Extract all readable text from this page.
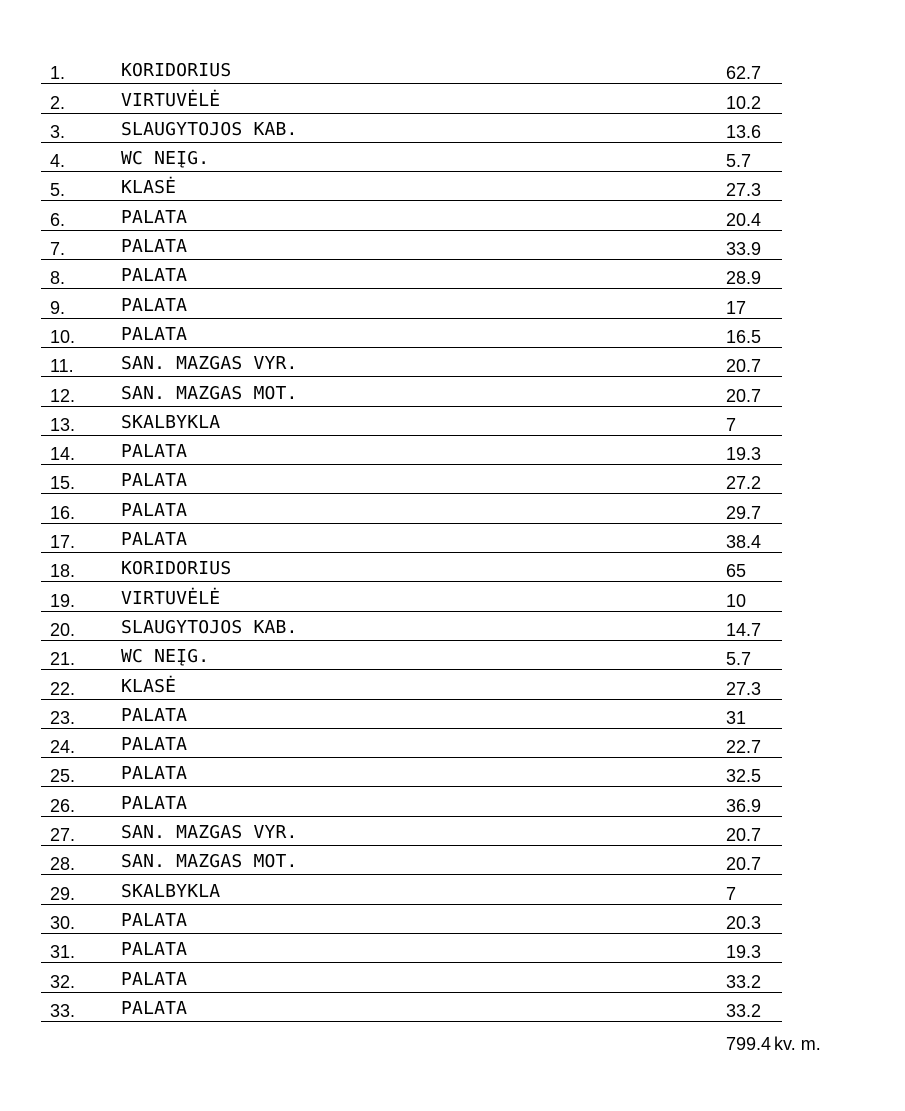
1.	KORIDORIUS	62.7
2.	VIRTUVĖLĖ	10.2
3.	SLAUGYTOJOS KAB.	13.6
4.	WC NEĮG.	5.7
5.	KLASĖ	27.3
6.	PALATA	20.4
7.	PALATA	33.9
8.	PALATA	28.9
9.	PALATA	17
10.	PALATA	16.5
11.	SAN. MAZGAS VYR.	20.7
12.	SAN. MAZGAS MOT.	20.7
13.	SKALBYKLA	7
14.	PALATA	19.3
15.	PALATA	27.2
16.	PALATA	29.7
17.	PALATA	38.4
18.	KORIDORIUS	65
19.	VIRTUVĖLĖ	10
20.	SLAUGYTOJOS KAB.	14.7
21.	WC NEĮG.	5.7
22.	KLASĖ	27.3
23.	PALATA	31
24.	PALATA	22.7
25.	PALATA	32.5
26.	PALATA	36.9
27.	SAN. MAZGAS VYR.	20.7
28.	SAN. MAZGAS MOT.	20.7
29.	SKALBYKLA	7
30.	PALATA	20.3
31.	PALATA	19.3
32.	PALATA	33.2
33.	PALATA	33.2
799.4 kv. m.
